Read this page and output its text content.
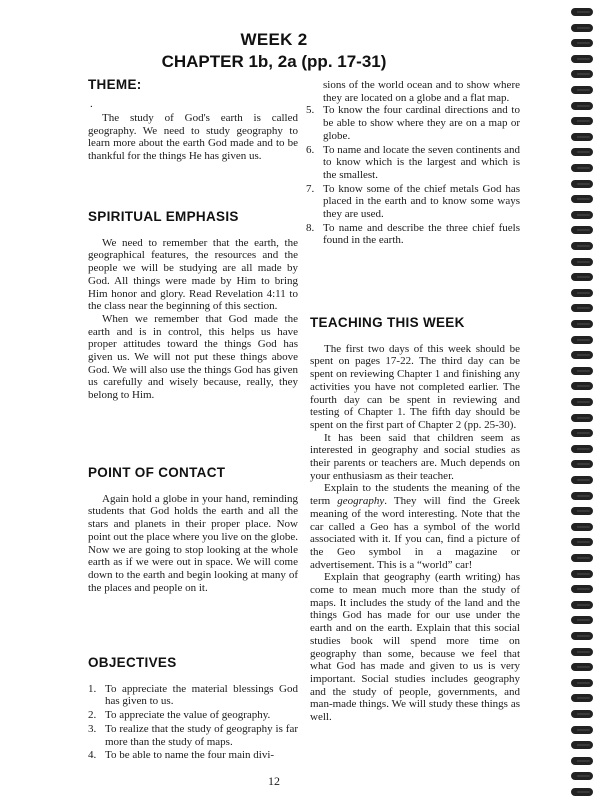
WEEK 2
CHAPTER 1b, 2a (pp. 17-31)
THEME:
.

The study of God's earth is called geography. We need to study geography to learn more about the earth God made and to be thankful for the things He has given us.

SPIRITUAL EMPHASIS

We need to remember that the earth, the geographical features, the resources and the people we will be studying are all made by God. All things were made by Him to bring Him honor and glory. Read Revelation 4:11 to the class near the beginning of this section.

When we remember that God made the earth and is in control, this helps us have proper attitudes toward the things God has given us. We will not put these things above God. We will also use the things God has given us carefully and wisely because, really, they belong to Him.

POINT OF CONTACT

Again hold a globe in your hand, reminding students that God holds the earth and all the stars and planets in their proper place. Now point out the place where you live on the globe. Now we are going to stop looking at the whole earth as if we were out in space. We will come down to the earth and begin looking at many of the places and people on it.

OBJECTIVES
1. To appreciate the material blessings God has given to us.
2. To appreciate the value of geography.
3. To realize that the study of geography is far more than the study of maps.
4. To be able to name the four main divi-
sions of the world ocean and to show where they are located on a globe and a flat map.
5. To know the four cardinal directions and to be able to show where they are on a map or globe.
6. To name and locate the seven continents and to know which is the largest and which is the smallest.
7. To know some of the chief metals God has placed in the earth and to know some ways they are used.
8. To name and describe the three chief fuels found in the earth.
TEACHING THIS WEEK

The first two days of this week should be spent on pages 17-22. The third day can be spent on reviewing Chapter 1 and finishing any activities you have not completed earlier. The fourth day can be spent in reviewing and testing of Chapter 1. The fifth day should be spent on the first part of Chapter 2 (pp. 25-30).

It has been said that children seem as interested in geography and social studies as their parents or teachers are. Much depends on your enthusiasm as their teacher.

Explain to the students the meaning of the term geography. They will find the Greek meaning of the word interesting. Note that the car called a Geo has a symbol of the world associated with it. If you can, find a picture of the Geo symbol in a magazine or advertisement. This is a “world” car!

Explain that geography (earth writing) has come to mean much more than the study of maps. It includes the study of the land and the things God has made for our use under the earth and on the earth. Explain that this social studies book will spend more time on geography than some, because we feel that what God has made and given to us is very important. Social studies includes geography and the study of people, governments, and man-made things. We will study these things as well.

12
